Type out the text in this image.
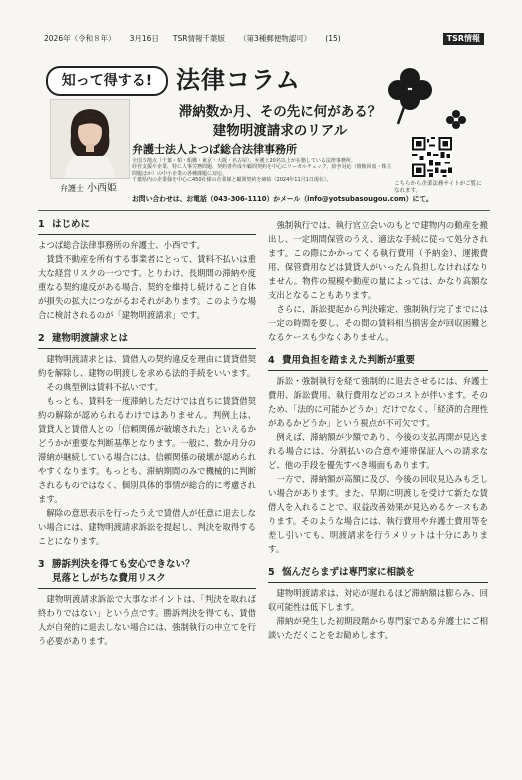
2026年（令和８年） 3月16日 TSR情報千葉版 （第3種郵便物認可） (15)	TSR情報
知って得する! 法律コラム
弁護士 小西姫
滞納数か月、その先に何がある？
建物明渡請求のリアル
弁護士法人よつば総合法律事務所
全国５拠点（千葉・柏・船橋・東京・大阪・名古屋）、弁護士20名以上が在籍している法律事務所。
経営支援や企業、特に人事労務問題、契約書作成や顧問契約を中心にリーガルチェック、紛争対応（債権回収・株主問題ほか）の中小企業の各種課題に対応。
千葉県内の企業様を中心に450社様の企業様と顧問契約を締結（2024年11月1日現在）。
こちらから企業法務サイトがご覧になれます。
お問い合わせは、お電話（043-306-1110）かメール（info@yotsubasougou.com）にて。
1 はじめに

よつば総合法律事務所の弁護士、小西です。

賃貸不動産を所有する事業者にとって、賃料不払いは重大な経営リスクの一つです。とりわけ、長期間の滞納や度重なる契約違反がある場合、契約を維持し続けること自体が損失の拡大につながるおそれがあります。このような場合に検討されるのが「建物明渡請求」です。

2 建物明渡請求とは

建物明渡請求とは、賃借人の契約違反を理由に賃貸借契約を解除し、建物の明渡しを求める法的手続をいいます。

その典型例は賃料不払いです。

もっとも、賃料を一度滞納しただけでは直ちに賃貸借契約の解除が認められるわけではありません。判例上は、賃貸人と賃借人との「信頼関係が破壊された」といえるかどうかが重要な判断基準となります。一般に、数か月分の滞納が継続している場合には、信頼関係の破壊が認められやすくなります。もっとも、滞納期間のみで機械的に判断されるものではなく、個別具体的事情が総合的に考慮されます。

解除の意思表示を行ったうえで賃借人が任意に退去しない場合には、建物明渡請求訴訟を提起し、判決を取得することになります。

3 勝訴判決を得ても安心できない？
見落としがちな費用リスク

建物明渡請求訴訟で大事なポイントは、「判決を取れば終わりではない」という点です。勝訴判決を得ても、賃借人が自発的に退去しない場合には、強制執行の申立てを行う必要があります。

強制執行では、執行官立会いのもとで建物内の動産を搬出し、一定期間保管のうえ、適法な手続に従って処分されます。この際にかかってくる執行費用（予納金）、運搬費用、保管費用などは賃貸人がいったん負担しなければなりません。物件の規模や動産の量によっては、かなり高額な支出となることもあります。

さらに、訴訟提起から判決確定、強制執行完了までには一定の時間を要し、その間の賃料相当損害金が回収困難となるケースも少なくありません。

4 費用負担を踏まえた判断が重要

訴訟・強制執行を経て強制的に退去させるには、弁護士費用、訴訟費用、執行費用などのコストが伴います。そのため、「法的に可能かどうか」だけでなく、「経済的合理性があるかどうか」という視点が不可欠です。

例えば、滞納額が少額であり、今後の支払再開が見込まれる場合には、分割払いの合意や連帯保証人への請求など、他の手段を優先すべき場面もあります。

一方で、滞納額が高額に及び、今後の回収見込みも乏しい場合があります。また、早期に明渡しを受けて新たな賃借人を入れることで、収益改善効果が見込めるケースもあります。そのような場合には、執行費用や弁護士費用等を差し引いても、明渡請求を行うメリットは十分にあります。

5 悩んだらまずは専門家に相談を

建物明渡請求は、対応が遅れるほど滞納額は膨らみ、回収可能性は低下します。

滞納が発生した初期段階から専門家である弁護士にご相談いただくことをお勧めします。
